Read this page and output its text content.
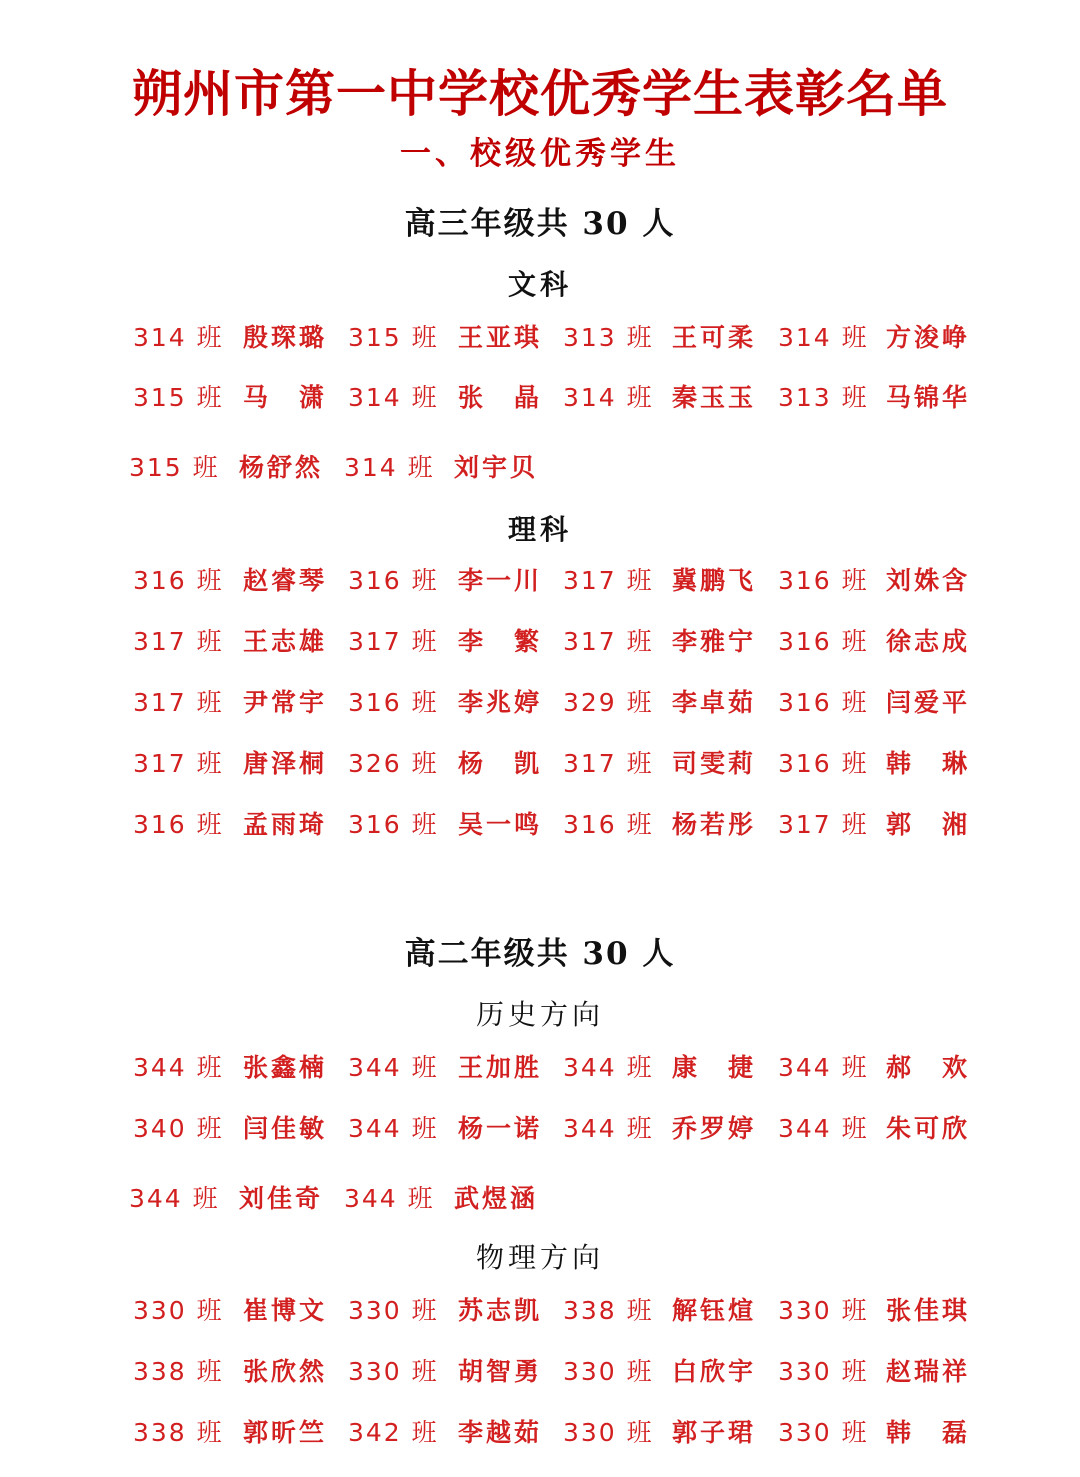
朔州市第一中学校优秀学生表彰名单
一、校级优秀学生
高三年级共 30 人
文科
314 班 殷琛璐 315 班 王亚琪 313 班 王可柔 314 班 方浚峥
315 班 马　潇 314 班 张　晶 314 班 秦玉玉 313 班 马锦华
315 班 杨舒然 314 班 刘宇贝
316 班 赵睿琴 316 班 李一川 317 班 冀鹏飞 316 班 刘姝含
317 班 王志雄 317 班 李　繁 317 班 李雅宁 316 班 徐志成
317 班 尹常宇 316 班 李兆婷 329 班 李卓茹 316 班 闫爱平
317 班 唐泽桐 326 班 杨　凯 317 班 司雯莉 316 班 韩　琳
316 班 孟雨琦 316 班 吴一鸣 316 班 杨若彤 317 班 郭　湘
344 班 张鑫楠 344 班 王加胜 344 班 康　捷 344 班 郝　欢
340 班 闫佳敏 344 班 杨一诺 344 班 乔罗婷 344 班 朱可欣
344 班 刘佳奇 344 班 武煜涵
330 班 崔博文 330 班 苏志凯 338 班 解钰煊 330 班 张佳琪
338 班 张欣然 330 班 胡智勇 330 班 白欣宇 330 班 赵瑞祥
338 班 郭昕竺 342 班 李越茹 330 班 郭子珺 330 班 韩　磊
理科
高二年级共 30 人
历史方向
物理方向
